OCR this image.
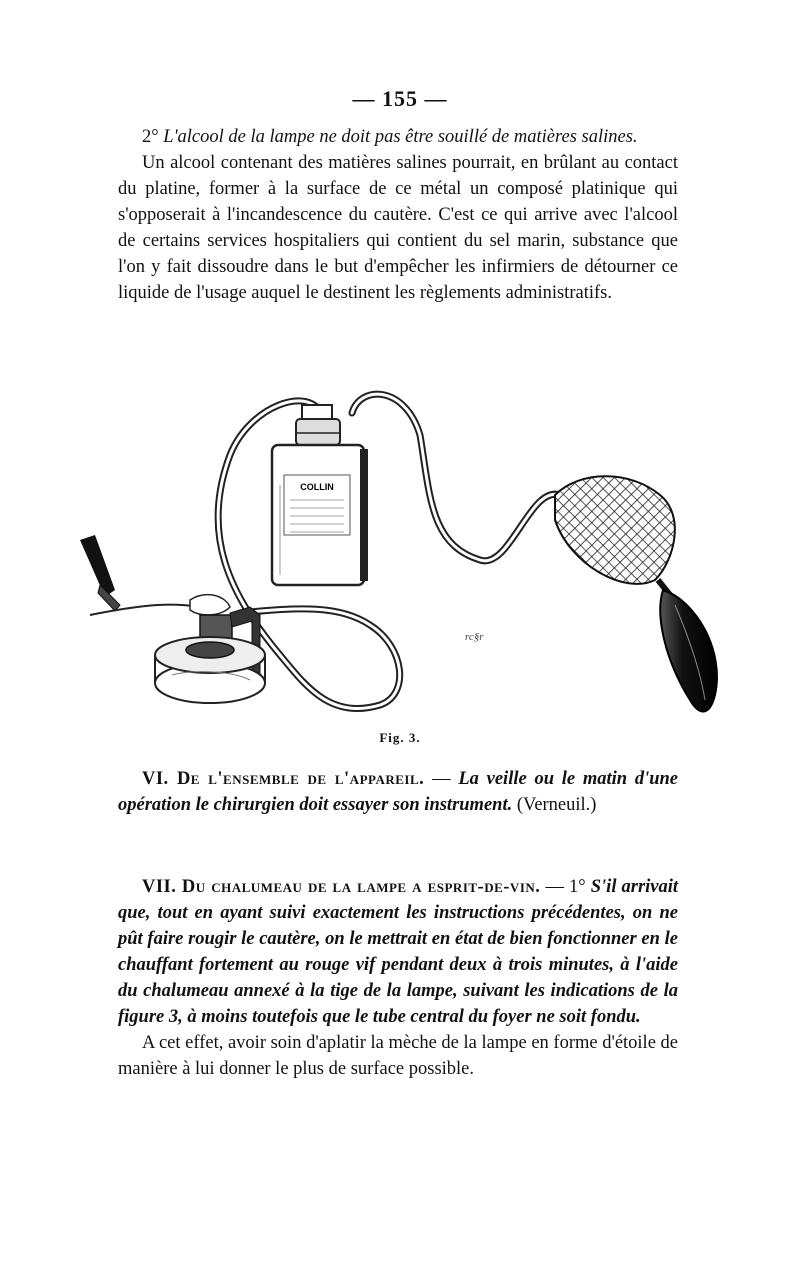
— 155 —

2° L'alcool de la lampe ne doit pas être souillé de matières salines.

Un alcool contenant des matières salines pourrait, en brûlant au contact du platine, former à la surface de ce métal un composé platinique qui s'opposerait à l'incandescence du cautère. C'est ce qui arrive avec l'alcool de certains services hospitaliers qui contient du sel marin, substance que l'on y fait dissoudre dans le but d'empêcher les infirmiers de détourner ce liquide de l'usage auquel le destinent les règlements administratifs.

COLLIN
rc§r
Fig. 3.

VI. De l'ensemble de l'appareil. — La veille ou le matin d'une opération le chirurgien doit essayer son instrument. (Verneuil.)

VII. Du chalumeau de la lampe a esprit-de-vin. — 1° S'il arrivait que, tout en ayant suivi exactement les instructions précédentes, on ne pût faire rougir le cautère, on le mettrait en état de bien fonctionner en le chauffant fortement au rouge vif pendant deux à trois minutes, à l'aide du chalumeau annexé à la tige de la lampe, suivant les indications de la figure 3, à moins toutefois que le tube central du foyer ne soit fondu.

A cet effet, avoir soin d'aplatir la mèche de la lampe en forme d'étoile de manière à lui donner le plus de surface possible.
